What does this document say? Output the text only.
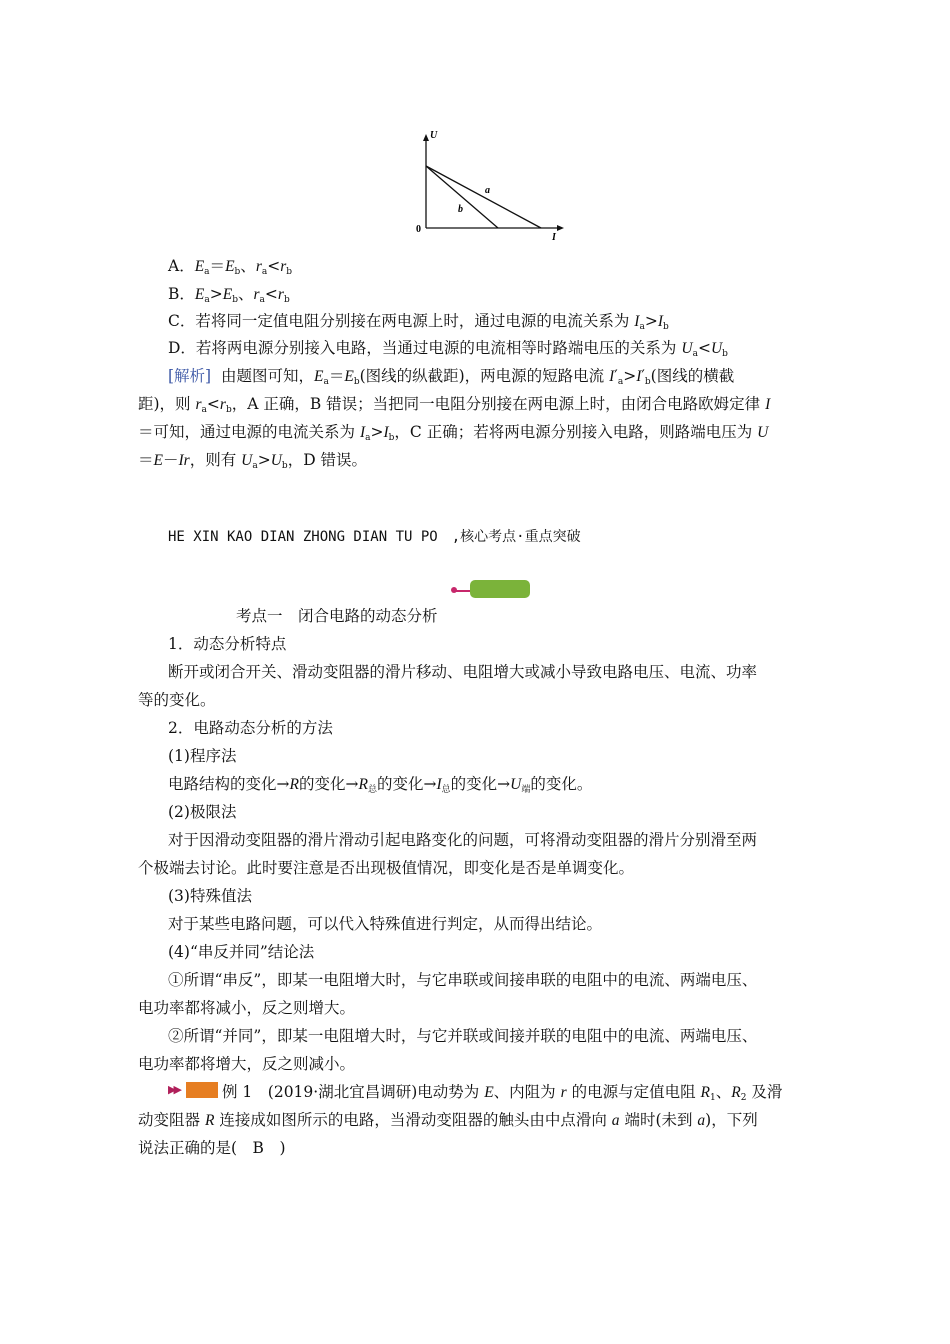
U
I
0
a
b
A．$E_a=E_b$、$r_a<r_b$
B．$E_a>E_b$、$r_a<r_b$
C．若将同一定值电阻分别接在两电源上时，通过电源的电流关系为 $I_a>I_b$
D．若将两电源分别接入电路，当通过电源的电流相等时路端电压的关系为 $U_a<U_b$
[解析] 由题图可知，$E_a=E_b$(图线的纵截距)，两电源的短路电流 $I'_a>I'_b$(图线的横截
距)，则 $r_a<r_b$，A 正确，B 错误；当把同一电阻分别接在两电源上时，由闭合电路欧姆定律 I
＝可知，通过电源的电流关系为 $I_a>I_b$，C 正确；若将两电源分别接入电路，则路端电压为 U
＝E－Ir，则有 $U_a>U_b$，D 错误。
HE XIN KAO DIAN ZHONG DIAN TU PO　,核心考点·重点突破
考点一　闭合电路的动态分析
1．动态分析特点
断开或闭合开关、滑动变阻器的滑片移动、电阻增大或减小导致电路电压、电流、功率
等的变化。
2．电路动态分析的方法
(1)程序法
电路结构的变化→R的变化$\to R_总$的变化$\to I_总$的变化$\to U_端$的变化。
(2)极限法
对于因滑动变阻器的滑片滑动引起电路变化的问题，可将滑动变阻器的滑片分别滑至两
个极端去讨论。此时要注意是否出现极值情况，即变化是否是单调变化。
(3)特殊值法
对于某些电路问题，可以代入特殊值进行判定，从而得出结论。
(4)“串反并同”结论法
①所谓“串反”，即某一电阻增大时，与它串联或间接串联的电阻中的电流、两端电压、
电功率都将减小，反之则增大。
②所谓“并同”，即某一电阻增大时，与它并联或间接并联的电阻中的电流、两端电压、
电功率都将增大，反之则减小。
▶▶	例 1　(2019·湖北宜昌调研)电动势为 E、内阻为 r 的电源与定值电阻 $R_1$、$R_2$ 及滑
动变阻器 R 连接成如图所示的电路，当滑动变阻器的触头由中点滑向 a 端时(未到 a)，下列
说法正确的是(　B　)
